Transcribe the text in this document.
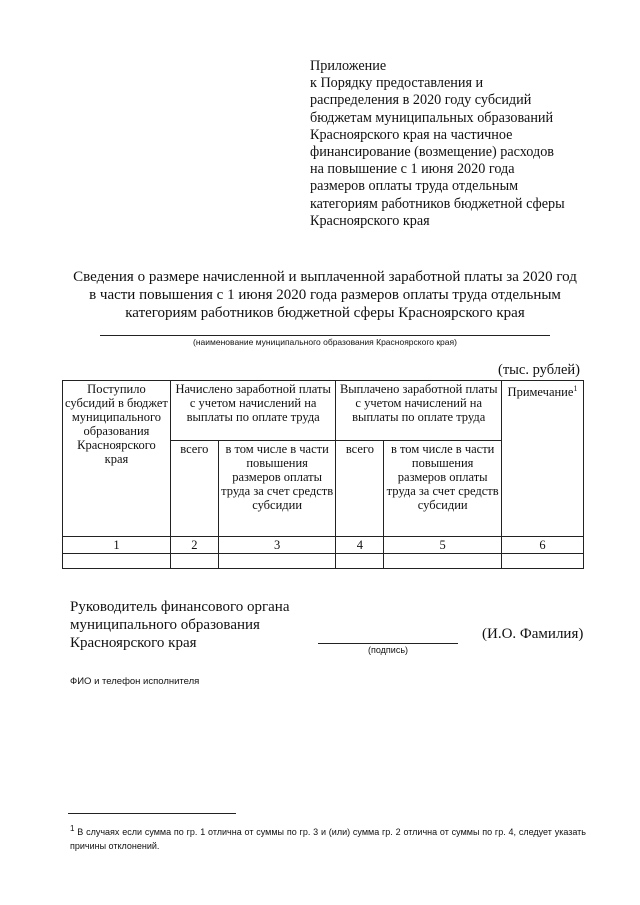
Приложение
к Порядку предоставления и
распределения в 2020 году субсидий
бюджетам муниципальных образований
Красноярского края на частичное
финансирование (возмещение) расходов
на повышение с 1 июня 2020 года
размеров оплаты труда отдельным
категориям работников бюджетной сферы
Красноярского края
Сведения о размере начисленной и выплаченной заработной платы за 2020 год
в части повышения с 1 июня 2020 года размеров оплаты труда отдельным
категориям работников бюджетной сферы Красноярского края
(наименование муниципального образования Красноярского края)
(тыс. рублей)
Поступило субсидий в бюджет муниципального образования Красноярского края	Начислено заработной платы с учетом начислений на выплаты по оплате труда		Выплачено заработной платы с учетом начислений на выплаты по оплате труда		Примечание$^1$
	всего	в том числе в части повышения размеров оплаты труда за счет средств субсидии	всего	в том числе в части повышения размеров оплаты труда за счет средств субсидии	
1	2	3	4	5	6

Руководитель финансового органа
муниципального образования
Красноярского края	(подпись)
(И.О. Фамилия)
ФИО и телефон исполнителя
1 В случаях если сумма по гр. 1 отлична от суммы по гр. 3 и (или) сумма гр. 2 отлична от суммы по гр. 4, следует указать причины отклонений.
